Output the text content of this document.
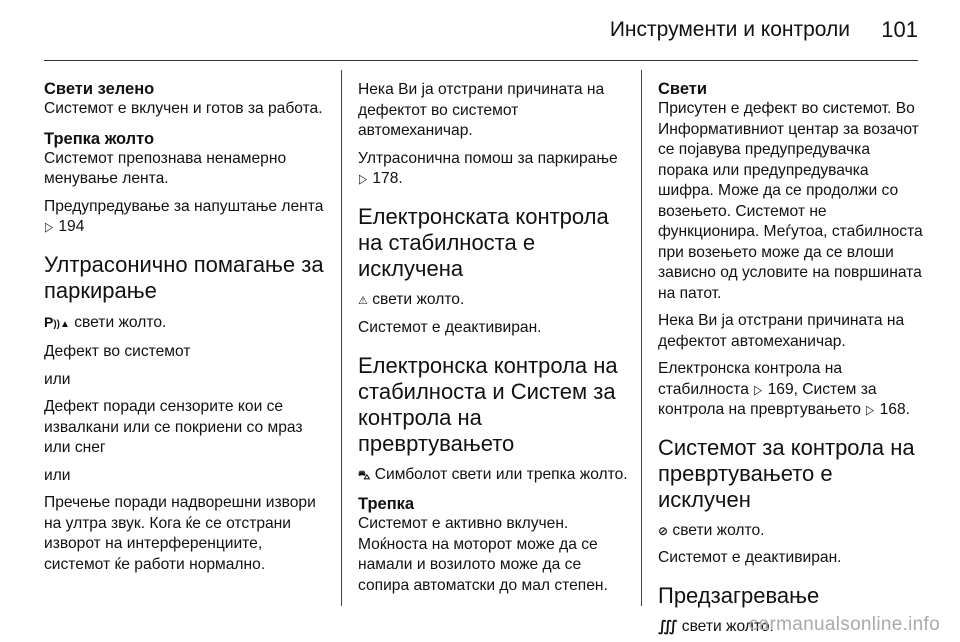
Инструменти и контроли 101
Свети зелено
Системот е вклучен и готов за работа.
Трепка жолто
Системот препознава ненамерно менување лента.
Предупредување за напуштање лента ▷ 194
Ултрасонично помагање за паркирање
P))▲ свети жолто.
Дефект во системот
или
Дефект поради сензорите кои се извалкани или се покриени со мраз или снег
или
Пречење поради надворешни извори на ултра звук. Кога ќе се отстрани изворот на интерференциите, системот ќе работи нормално.
Нека Ви ја отстрани причината на дефектот во системот автомеханичар.
Ултрасонична помош за паркирање ▷ 178.
Електронската контрола на стабилноста е исклучена
⚠ свети жолто.
Системот е деактивиран.
Електронска контрола на стабилноста и Систем за контрола на превртувањето
⛍ Симболот свети или трепка жолто.
Трепка
Системот е активно вклучен. Моќноста на моторот може да се намали и возилото може да се сопира автоматски до мал степен.
Свети
Присутен е дефект во системот. Во Информативниот центар за возачот се појавува предупредувачка порака или предупредувачка шифра. Може да се продолжи со возењето. Системот не функционира. Меѓутоа, стабилноста при возењето може да се влоши зависно од условите на површината на патот.
Нека Ви ја отстрани причината на дефектот автомеханичар.
Електронска контрола на стабилноста ▷ 169, Систем за контрола на превртувањето ▷ 168.
Системот за контрола на превртувањето е исклучен
⊘ свети жолто.
Системот е деактивиран.
Предзагревање
∭ свети жолто.
carmanualsonline.info
